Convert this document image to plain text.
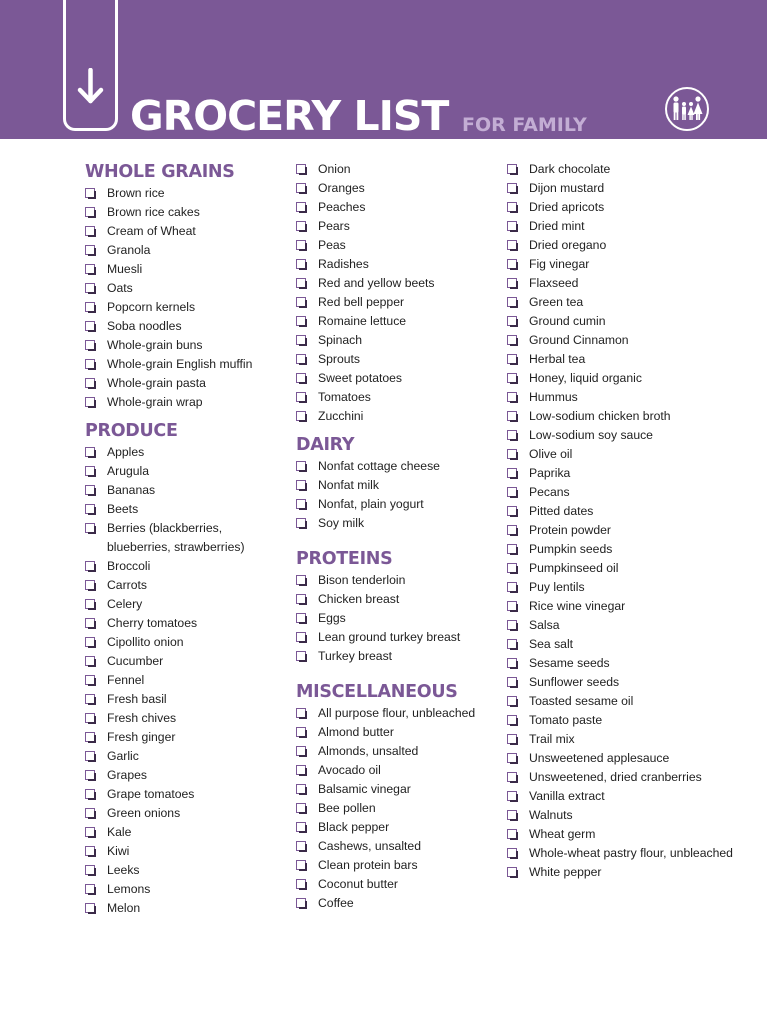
GROCERY LIST FOR FAMILY
WHOLE GRAINS
Brown rice
Brown rice cakes
Cream of Wheat
Granola
Muesli
Oats
Popcorn kernels
Soba noodles
Whole-grain buns
Whole-grain English muffin
Whole-grain pasta
Whole-grain wrap
PRODUCE
Apples
Arugula
Bananas
Beets
Berries (blackberries, blueberries, strawberries)
Broccoli
Carrots
Celery
Cherry tomatoes
Cipollito onion
Cucumber
Fennel
Fresh basil
Fresh chives
Fresh ginger
Garlic
Grapes
Grape tomatoes
Green onions
Kale
Kiwi
Leeks
Lemons
Melon
Onion
Oranges
Peaches
Pears
Peas
Radishes
Red and yellow beets
Red bell pepper
Romaine lettuce
Spinach
Sprouts
Sweet potatoes
Tomatoes
Zucchini
DAIRY
Nonfat cottage cheese
Nonfat milk
Nonfat, plain yogurt
Soy milk
PROTEINS
Bison tenderloin
Chicken breast
Eggs
Lean ground turkey breast
Turkey breast
MISCELLANEOUS
All purpose flour, unbleached
Almond butter
Almonds, unsalted
Avocado oil
Balsamic vinegar
Bee pollen
Black pepper
Cashews, unsalted
Clean protein bars
Coconut butter
Coffee
Dark chocolate
Dijon mustard
Dried apricots
Dried mint
Dried oregano
Fig vinegar
Flaxseed
Green tea
Ground cumin
Ground Cinnamon
Herbal tea
Honey, liquid organic
Hummus
Low-sodium chicken broth
Low-sodium soy sauce
Olive oil
Paprika
Pecans
Pitted dates
Protein powder
Pumpkin seeds
Pumpkinseed oil
Puy lentils
Rice wine vinegar
Salsa
Sea salt
Sesame seeds
Sunflower seeds
Toasted sesame oil
Tomato paste
Trail mix
Unsweetened applesauce
Unsweetened, dried cranberries
Vanilla extract
Walnuts
Wheat germ
Whole-wheat pastry flour, unbleached
White pepper
